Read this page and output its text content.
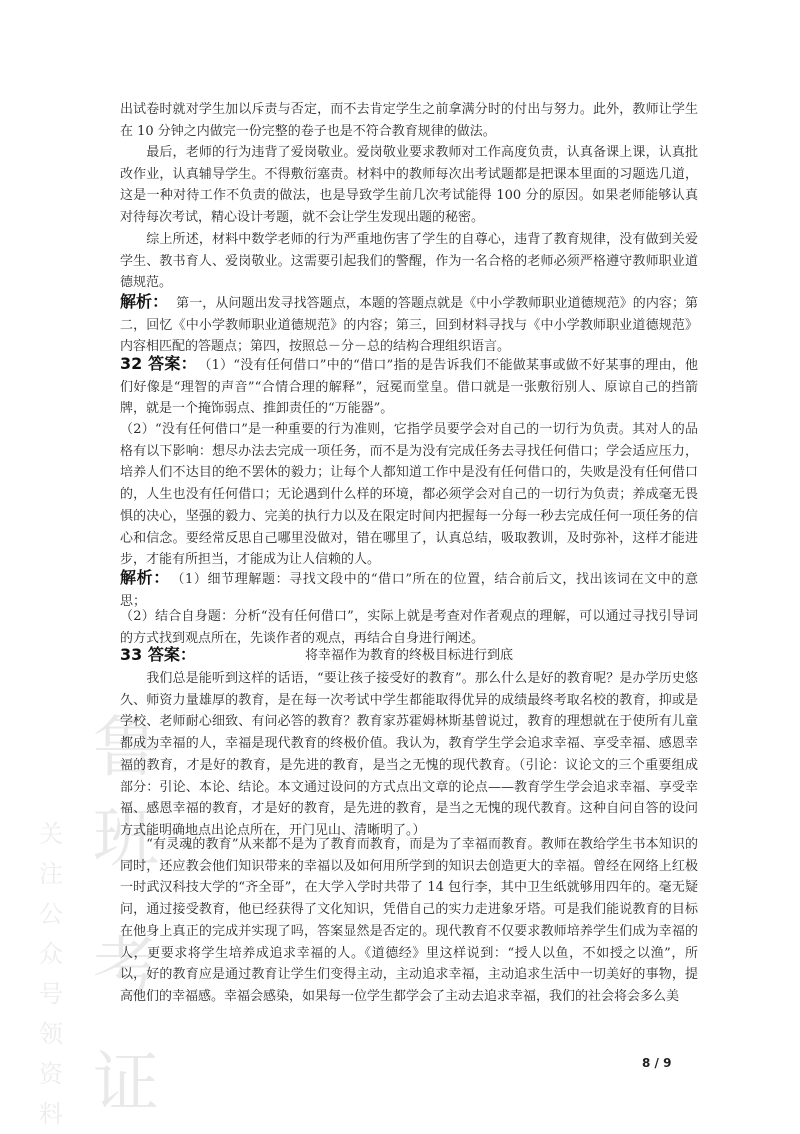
鲁
班
考
证
关
注
公
众
号
领
资
料

出试卷时就对学生加以斥责与否定，而不去肯定学生之前拿满分时的付出与努力。此外，教师让学生在 10 分钟之内做完一份完整的卷子也是不符合教育规律的做法。

　　最后，老师的行为违背了爱岗敬业。爱岗敬业要求教师对工作高度负责，认真备课上课，认真批改作业，认真辅导学生。不得敷衍塞责。材料中的教师每次出考试题都是把课本里面的习题选几道，这是一种对待工作不负责的做法，也是导致学生前几次考试能得 100 分的原因。如果老师能够认真对待每次考试，精心设计考题，就不会让学生发现出题的秘密。

　　综上所述，材料中数学老师的行为严重地伤害了学生的自尊心，违背了教育规律，没有做到关爱学生、教书育人、爱岗敬业。这需要引起我们的警醒，作为一名合格的老师必须严格遵守教师职业道德规范。

解析： 第一，从问题出发寻找答题点，本题的答题点就是《中小学教师职业道德规范》的内容；第二，回忆《中小学教师职业道德规范》的内容；第三，回到材料寻找与《中小学教师职业道德规范》内容相匹配的答题点；第四，按照总－分－总的结构合理组织语言。

32 答案： （1）“没有任何借口”中的“借口”指的是告诉我们不能做某事或做不好某事的理由，他们好像是“理智的声音”“合情合理的解释”，冠冕而堂皇。借口就是一张敷衍别人、原谅自己的挡箭牌，就是一个掩饰弱点、推卸责任的“万能器”。

（2）“没有任何借口”是一种重要的行为准则，它指学员要学会对自己的一切行为负责。其对人的品格有以下影响：想尽办法去完成一项任务，而不是为没有完成任务去寻找任何借口；学会适应压力，培养人们不达目的绝不罢休的毅力；让每个人都知道工作中是没有任何借口的，失败是没有任何借口的，人生也没有任何借口；无论遇到什么样的环境，都必须学会对自己的一切行为负责；养成毫无畏惧的决心，坚强的毅力、完美的执行力以及在限定时间内把握每一分每一秒去完成任何一项任务的信心和信念。要经常反思自己哪里没做对，错在哪里了，认真总结，吸取教训，及时弥补，这样才能进步，才能有所担当，才能成为让人信赖的人。

解析： （1）细节理解题：寻找文段中的“借口”所在的位置，结合前后文，找出该词在文中的意思；

（2）结合自身题：分析“没有任何借口”，实际上就是考查对作者观点的理解，可以通过寻找引导词的方式找到观点所在，先谈作者的观点，再结合自身进行阐述。

33 答案：	将幸福作为教育的终极目标进行到底

　　我们总是能听到这样的话语，“要让孩子接受好的教育”。那么什么是好的教育呢？是办学历史悠久、师资力量雄厚的教育，是在每一次考试中学生都能取得优异的成绩最终考取名校的教育，抑或是学校、老师耐心细致、有问必答的教育？教育家苏霍姆林斯基曾说过，教育的理想就在于使所有儿童都成为幸福的人，幸福是现代教育的终极价值。我认为，教育学生学会追求幸福、享受幸福、感恩幸福的教育，才是好的教育，是先进的教育，是当之无愧的现代教育。（引论：议论文的三个重要组成部分：引论、本论、结论。本文通过设问的方式点出文章的论点——教育学生学会追求幸福、享受幸福、感恩幸福的教育，才是好的教育，是先进的教育，是当之无愧的现代教育。这种自问自答的设问方式能明确地点出论点所在，开门见山、清晰明了。）

　　“有灵魂的教育”从来都不是为了教育而教育，而是为了幸福而教育。教师在教给学生书本知识的同时，还应教会他们知识带来的幸福以及如何用所学到的知识去创造更大的幸福。曾经在网络上红极一时武汉科技大学的“齐全哥”，在大学入学时共带了 14 包行李，其中卫生纸就够用四年的。毫无疑问，通过接受教育，他已经获得了文化知识，凭借自己的实力走进象牙塔。可是我们能说教育的目标在他身上真正的完成并实现了吗，答案显然是否定的。现代教育不仅要求教师培养学生们成为幸福的人，更要求将学生培养成追求幸福的人。《道德经》里这样说到：“授人以鱼，不如授之以渔”，所以，好的教育应是通过教育让学生们变得主动，主动追求幸福，主动追求生活中一切美好的事物，提高他们的幸福感。幸福会感染，如果每一位学生都学会了主动去追求幸福，我们的社会将会多么美

8 / 9
